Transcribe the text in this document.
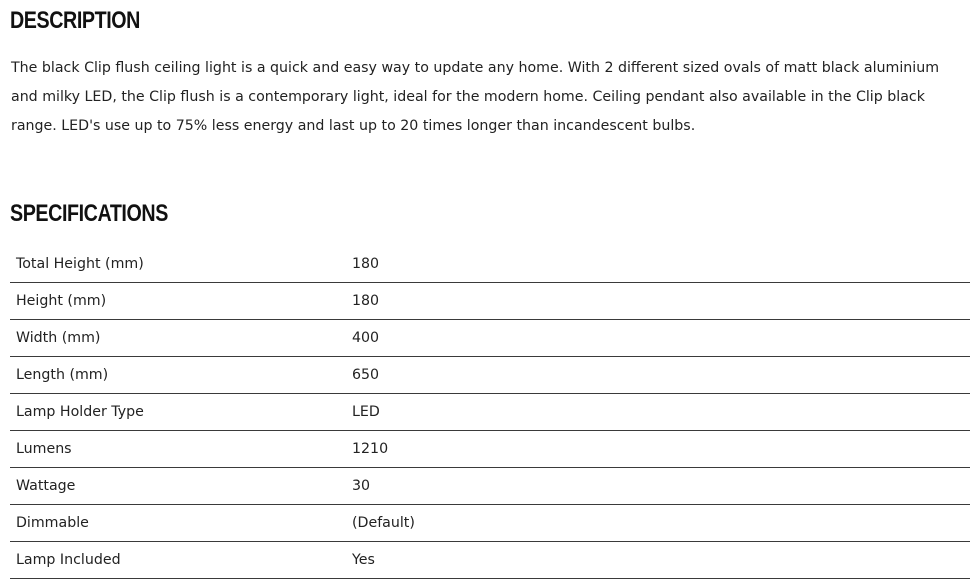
DESCRIPTION

The black Clip flush ceiling light is a quick and easy way to update any home. With 2 different sized ovals of matt black aluminium and milky LED, the Clip flush is a contemporary light, ideal for the modern home. Ceiling pendant also available in the Clip black range. LED's use up to 75% less energy and last up to 20 times longer than incandescent bulbs.

SPECIFICATIONS
Total Height (mm)	180
Height (mm)	180
Width (mm)	400
Length (mm)	650
Lamp Holder Type	LED
Lumens	1210
Wattage	30
Dimmable	(Default)
Lamp Included	Yes
